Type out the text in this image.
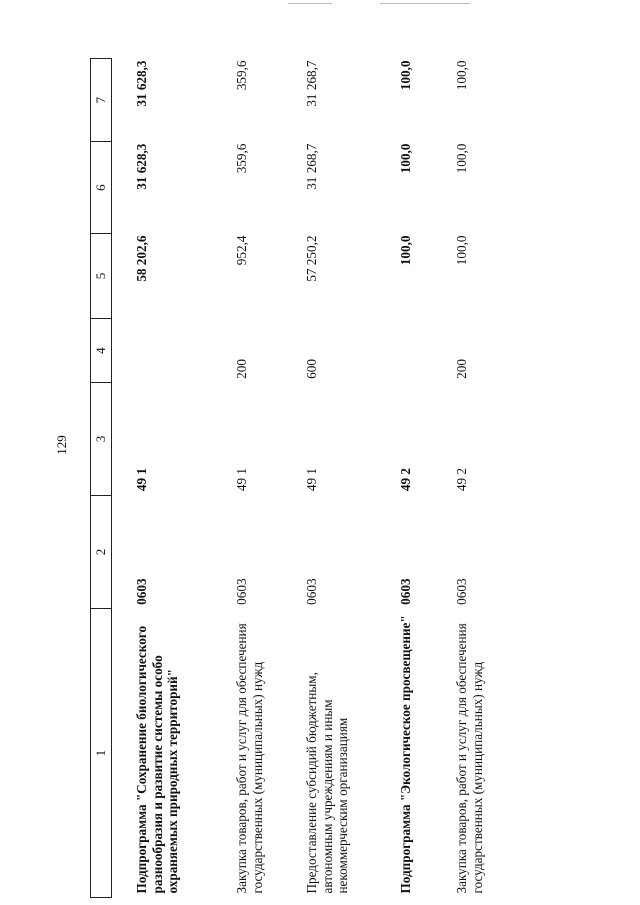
129
1	2	3	4	5	6	7
Подпрограмма "Сохранение биологического разнообразия и развитие системы особо охраняемых природных территорий"	0603	49 1		58 202,6	31 628,3	31 628,3
Закупка товаров, работ и услуг для обеспечения государственных (муниципальных) нужд	0603	49 1	200	952,4	359,6	359,6
Предоставление субсидий бюджетным, автономным учреждениям и иным некоммерческим организациям	0603	49 1	600	57 250,2	31 268,7	31 268,7
Подпрограмма "Экологическое просвещение"	0603	49 2		100,0	100,0	100,0
Закупка товаров, работ и услуг для обеспечения государственных (муниципальных) нужд	0603	49 2	200	100,0	100,0	100,0
